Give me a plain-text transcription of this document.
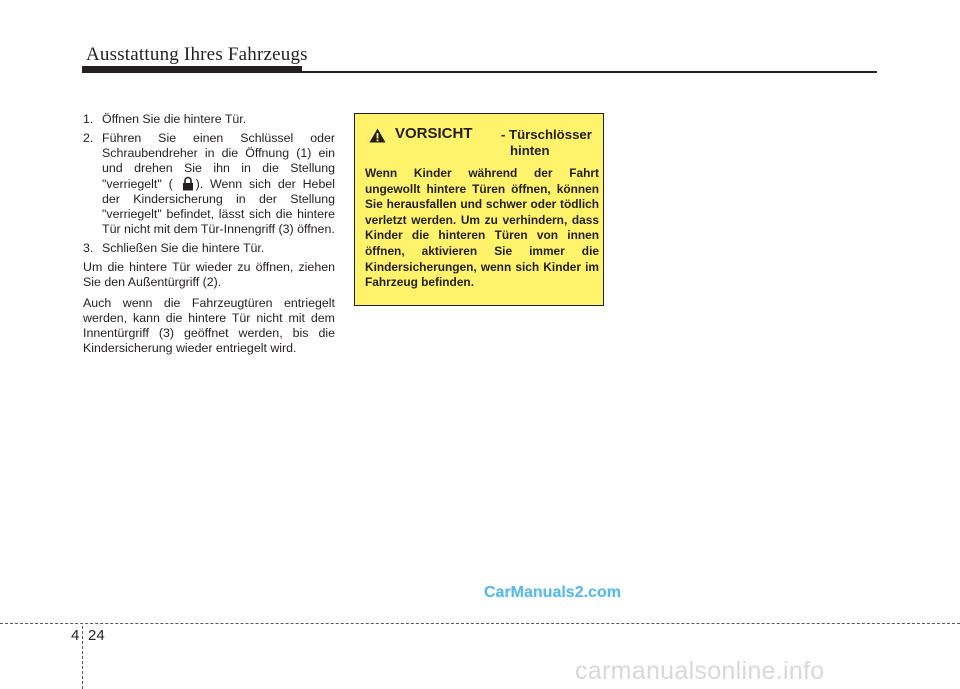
Ausstattung Ihres Fahrzeugs
1. Öffnen Sie die hintere Tür.
2. Führen Sie einen Schlüssel oder Schraubendreher in die Öffnung (1) ein und drehen Sie ihn in die Stellung "verriegelt" ( ). Wenn sich der Hebel der Kindersicherung in der Stellung "verriegelt" befindet, lässt sich die hintere Tür nicht mit dem Tür-Innengriff (3) öffnen.
3. Schließen Sie die hintere Tür.

Um die hintere Tür wieder zu öffnen, ziehen Sie den Außentürgriff (2).

Auch wenn die Fahrzeugtüren entriegelt werden, kann die hintere Tür nicht mit dem Innentürgriff (3) geöffnet werden, bis die Kindersicherung wieder entriegelt wird.

VORSICHT - Türschlösser
hinten
Wenn Kinder während der Fahrt ungewollt hintere Türen öffnen, können Sie herausfallen und schwer oder tödlich verletzt werden. Um zu verhindern, dass Kinder die hinteren Türen von innen öffnen, aktivieren Sie immer die Kindersicherungen, wenn sich Kinder im Fahrzeug befinden.
CarManuals2.com
4 24
carmanualsonline.info
